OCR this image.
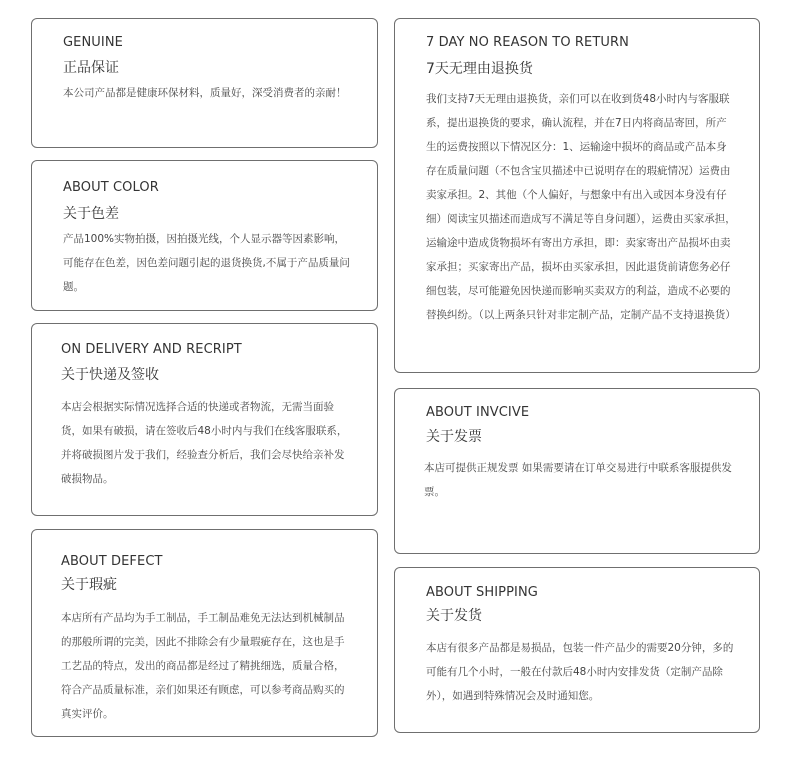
GENUINE
正品保证
本公司产品都是健康环保材料，质量好，深受消费者的亲耐！
ABOUT COLOR
关于色差
产品100%实物拍摄，因拍摄光线，个人显示器等因素影响，可能存在色差，因色差问题引起的退货换货,不属于产品质量问题。
ON DELIVERY AND RECRIPT
关于快递及签收
本店会根据实际情况选择合适的快递或者物流，无需当面验货，如果有破损，请在签收后48小时内与我们在线客服联系，并将破损图片发于我们，经验查分析后，我们会尽快给亲补发破损物品。
ABOUT DEFECT
关于瑕疵
本店所有产品均为手工制品，手工制品难免无法达到机械制品的那般所谓的完美，因此不排除会有少量瑕疵存在，这也是手工艺品的特点，发出的商品都是经过了精挑细选，质量合格，符合产品质量标准，亲们如果还有顾虑，可以参考商品购买的真实评价。
7 DAY NO REASON TO RETURN
7天无理由退换货
我们支持7天无理由退换货，亲们可以在收到货48小时内与客服联系，提出退换货的要求，确认流程，并在7日内将商品寄回，所产生的运费按照以下情况区分：1、运输途中损坏的商品或产品本身存在质量问题（不包含宝贝描述中已说明存在的瑕疵情况）运费由卖家承担。2、其他（个人偏好，与想象中有出入或因本身没有仔细）阅读宝贝描述而造成写不满足等自身问题），运费由买家承担，运输途中造成货物损坏有寄出方承担，即：卖家寄出产品损坏由卖家承担；买家寄出产品，损坏由买家承担，因此退货前请您务必仔细包装，尽可能避免因快递而影响买卖双方的利益，造成不必要的替换纠纷。（以上两条只针对非定制产品，定制产品不支持退换货）
ABOUT INVCIVE
关于发票
本店可提供正规发票 如果需要请在订单交易进行中联系客服提供发票。
ABOUT SHIPPING
关于发货
本店有很多产品都是易损品，包装一件产品少的需要20分钟，多的可能有几个小时，一般在付款后48小时内安排发货（定制产品除外），如遇到特殊情况会及时通知您。
